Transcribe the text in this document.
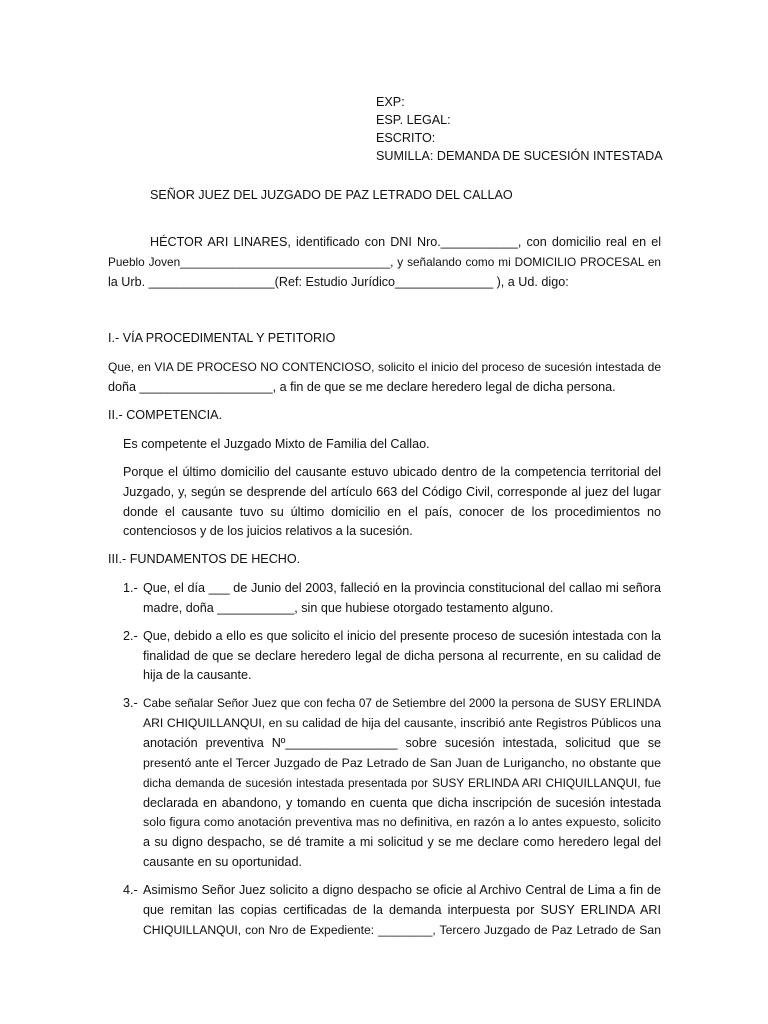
EXP:
ESP. LEGAL:
ESCRITO:
SUMILLA: DEMANDA DE SUCESIÓN INTESTADA
SEÑOR JUEZ DEL JUZGADO DE PAZ LETRADO DEL CALLAO
HÉCTOR ARI LINARES, identificado con DNI Nro.___________, con domicilio real en el
Pueblo Joven________________________________, y señalando como mi DOMICILIO PROCESAL en
la Urb. __________________(Ref: Estudio Jurídico______________ ), a Ud. digo:
I.- VÍA PROCEDIMENTAL Y PETITORIO
Que, en VIA DE PROCESO NO CONTENCIOSO, solicito el inicio del proceso de sucesión intestada de
doña ___________________, a fin de que se me declare heredero legal de dicha persona.
II.- COMPETENCIA.
Es competente el Juzgado Mixto de Familia del Callao.
Porque el último domicilio del causante estuvo ubicado dentro de la competencia territorial del
Juzgado, y, según se desprende del artículo 663 del Código Civil, corresponde al juez del lugar
donde el causante tuvo su último domicilio en el país, conocer de los procedimientos no
contenciosos y de los juicios relativos a la sucesión.
III.- FUNDAMENTOS DE HECHO.
1.- Que, el día ___ de Junio del 2003, falleció en la provincia constitucional del callao mi señora
madre, doña ___________, sin que hubiese otorgado testamento alguno.
2.- Que, debido a ello es que solicito el inicio del presente proceso de sucesión intestada con la
finalidad de que se declare heredero legal de dicha persona al recurrente, en su calidad de
hija de la causante.
3.- Cabe señalar Señor Juez que con fecha 07 de Setiembre del 2000 la persona de SUSY ERLINDA
ARI CHIQUILLANQUI, en su calidad de hija del causante, inscribió ante Registros Públicos una
anotación preventiva Nº________________ sobre sucesión intestada, solicitud que se
presentó ante el Tercer Juzgado de Paz Letrado de San Juan de Lurigancho, no obstante que
dicha demanda de sucesión intestada presentada por SUSY ERLINDA ARI CHIQUILLANQUI, fue
declarada en abandono, y tomando en cuenta que dicha inscripción de sucesión intestada
solo figura como anotación preventiva mas no definitiva, en razón a lo antes expuesto, solicito
a su digno despacho, se dé tramite a mi solicitud y se me declare como heredero legal del
causante en su oportunidad.
4.- Asimismo Señor Juez solicito a digno despacho se oficie al Archivo Central de Lima a fin de
que remitan las copias certificadas de la demanda interpuesta por SUSY ERLINDA ARI
CHIQUILLANQUI, con Nro de Expediente: ________, Tercero Juzgado de Paz Letrado de San
